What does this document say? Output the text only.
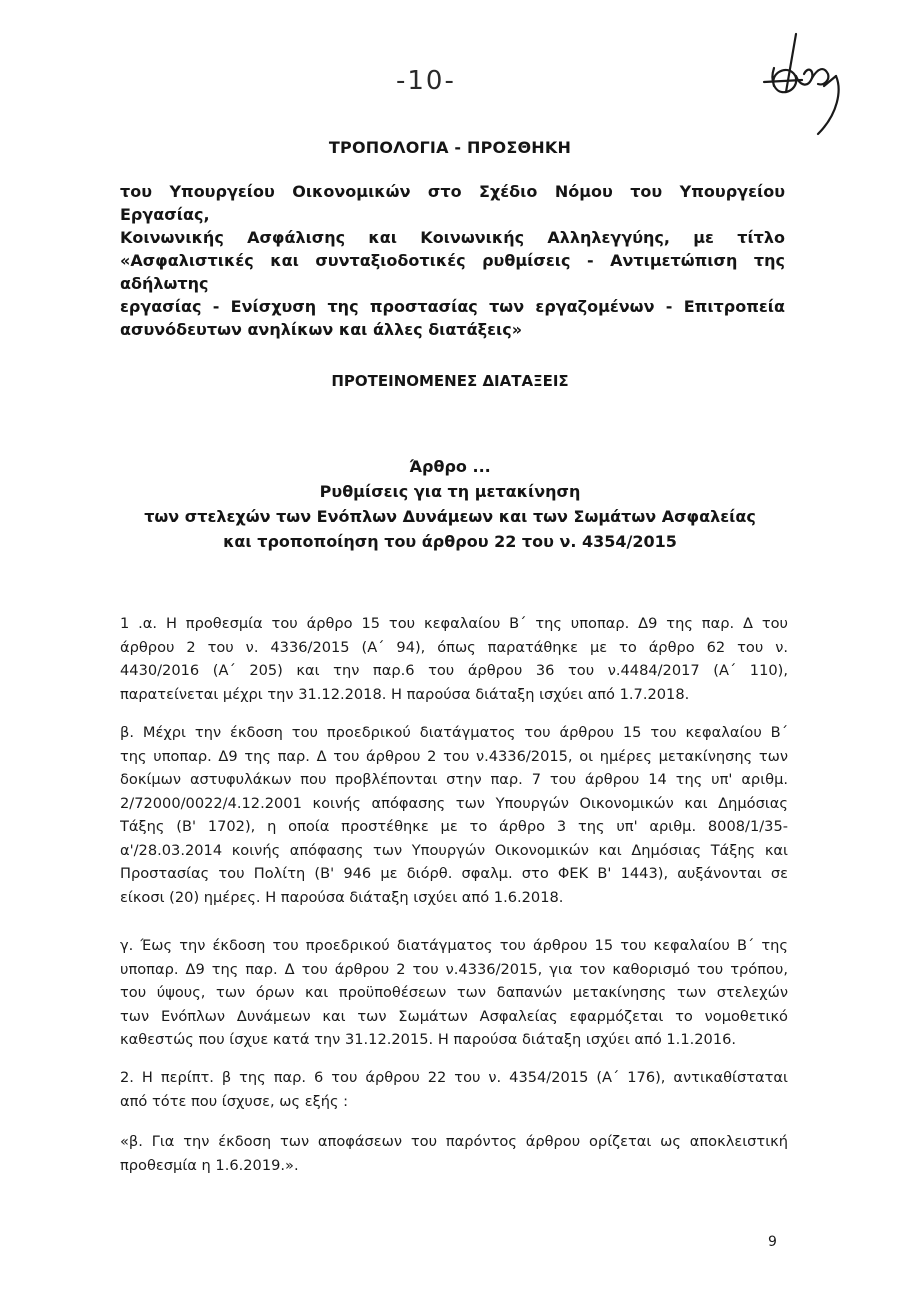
-10-
ΤΡΟΠΟΛΟΓΙΑ - ΠΡΟΣΘΗΚΗ
του Υπουργείου Οικονομικών στο Σχέδιο Νόμου του Υπουργείου Εργασίας,
Κοινωνικής Ασφάλισης και Κοινωνικής Αλληλεγγύης, με τίτλο
«Ασφαλιστικές και συνταξιοδοτικές ρυθμίσεις - Αντιμετώπιση της αδήλωτης
εργασίας - Ενίσχυση της προστασίας των εργαζομένων - Επιτροπεία
ασυνόδευτων ανηλίκων και άλλες διατάξεις»
ΠΡΟΤΕΙΝΟΜΕΝΕΣ ΔΙΑΤΑΞΕΙΣ
Άρθρο ...
Ρυθμίσεις για τη μετακίνηση
των στελεχών των Ενόπλων Δυνάμεων και των Σωμάτων Ασφαλείας
και τροποποίηση του άρθρου 22 του ν. 4354/2015
1 .α. Η προθεσμία του άρθρο 15 του κεφαλαίου Β΄ της υποπαρ. Δ9 της παρ. Δ του
άρθρου 2 του ν. 4336/2015 (Α΄ 94), όπως παρατάθηκε με το άρθρο 62 του ν.
4430/2016 (Α΄ 205) και την παρ.6 του άρθρου 36 του ν.4484/2017 (Α΄ 110),
παρατείνεται μέχρι την 31.12.2018. Η παρούσα διάταξη ισχύει από 1.7.2018.
β. Μέχρι την έκδοση του προεδρικού διατάγματος του άρθρου 15 του κεφαλαίου Β΄
της υποπαρ. Δ9 της παρ. Δ του άρθρου 2 του ν.4336/2015, οι ημέρες μετακίνησης των
δοκίμων αστυφυλάκων που προβλέπονται στην παρ. 7 του άρθρου 14 της υπ' αριθμ.
2/72000/0022/4.12.2001 κοινής απόφασης των Υπουργών Οικονομικών και Δημόσιας
Τάξης (Β' 1702), η οποία προστέθηκε με το άρθρο 3 της υπ' αριθμ. 8008/1/35-
α'/28.03.2014 κοινής απόφασης των Υπουργών Οικονομικών και Δημόσιας Τάξης και
Προστασίας του Πολίτη (Β' 946 με διόρθ. σφαλμ. στο ΦΕΚ Β' 1443), αυξάνονται σε
είκοσι (20) ημέρες. Η παρούσα διάταξη ισχύει από 1.6.2018.
γ. Έως την έκδοση του προεδρικού διατάγματος του άρθρου 15 του κεφαλαίου Β΄ της
υποπαρ. Δ9 της παρ. Δ του άρθρου 2 του ν.4336/2015, για τον καθορισμό του τρόπου,
του ύψους, των όρων και προϋποθέσεων των δαπανών μετακίνησης των στελεχών
των Ενόπλων Δυνάμεων και των Σωμάτων Ασφαλείας εφαρμόζεται το νομοθετικό
καθεστώς που ίσχυε κατά την 31.12.2015. Η παρούσα διάταξη ισχύει από 1.1.2016.
2. Η περίπτ. β της παρ. 6 του άρθρου 22 του ν. 4354/2015 (Α΄ 176), αντικαθίσταται
από τότε που ίσχυσε, ως εξής :
«β. Για την έκδοση των αποφάσεων του παρόντος άρθρου ορίζεται ως αποκλειστική
προθεσμία η 1.6.2019.».
9
